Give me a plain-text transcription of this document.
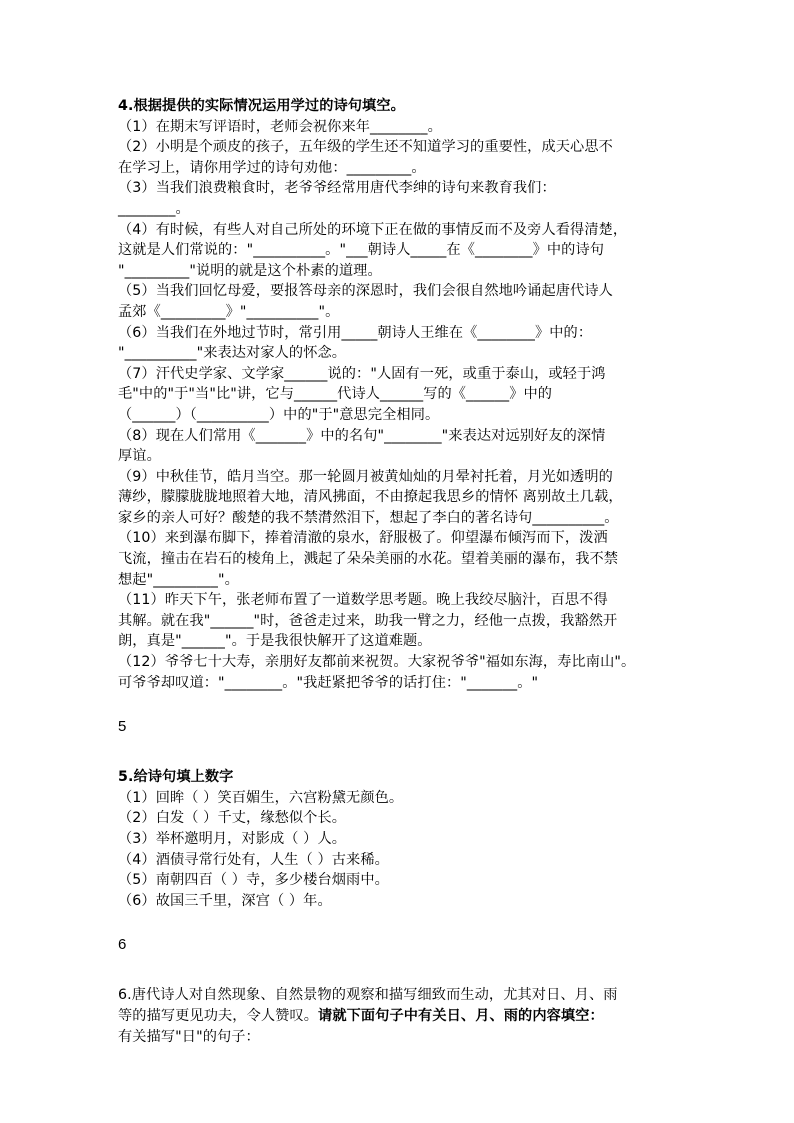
4.根据提供的实际情况运用学过的诗句填空。
（1）在期末写评语时，老师会祝你来年________。
（2）小明是个顽皮的孩子，五年级的学生还不知道学习的重要性，成天心思不
在学习上，请你用学过的诗句劝他：_________。
（3）当我们浪费粮食时，老爷爷经常用唐代李绅的诗句来教育我们：
________。
（4）有时候，有些人对自己所处的环境下正在做的事情反而不及旁人看得清楚，
这就是人们常说的："__________。"___朝诗人_____在《________》中的诗句
"_________"说明的就是这个朴素的道理。
（5）当我们回忆母爱，要报答母亲的深恩时，我们会很自然地吟诵起唐代诗人
孟郊《_________》"__________"。
（6）当我们在外地过节时，常引用_____朝诗人王维在《________》中的：
"__________"来表达对家人的怀念。
（7）汗代史学家、文学家______说的："人固有一死，或重于泰山，或轻于鸿
毛"中的"于"当"比"讲，它与______代诗人______写的《______》中的
（______）（__________）中的"于"意思完全相同。
（8）现在人们常用《_______》中的名句"________"来表达对远别好友的深情
厚谊。
（9）中秋佳节，皓月当空。那一轮圆月被黄灿灿的月晕衬托着，月光如透明的
薄纱，朦朦胧胧地照着大地，清风拂面，不由撩起我思乡的情怀 离别故土几载，
家乡的亲人可好？酸楚的我不禁潸然泪下，想起了李白的著名诗句__________。
（10）来到瀑布脚下，捧着清澈的泉水，舒服极了。仰望瀑布倾泻而下，泼洒
飞流，撞击在岩石的棱角上，溅起了朵朵美丽的水花。望着美丽的瀑布，我不禁
想起"_________"。
（11）昨天下午，张老师布置了一道数学思考题。晚上我绞尽脑汁，百思不得
其解。就在我"______"时，爸爸走过来，助我一臂之力，经他一点拨，我豁然开
朗，真是"______"。于是我很快解开了这道难题。
（12）爷爷七十大寿，亲朋好友都前来祝贺。大家祝爷爷"福如东海，寿比南山"。
可爷爷却叹道："________。"我赶紧把爷爷的话打住："_______。"
5
5.给诗句填上数字
（1）回眸（ ）笑百媚生，六宫粉黛无颜色。
（2）白发（ ）千丈，缘愁似个长。
（3）举杯邀明月，对影成（ ）人。
（4）酒债寻常行处有，人生（ ）古来稀。
（5）南朝四百（ ）寺，多少楼台烟雨中。
（6）故国三千里，深宫（ ）年。
6
6.唐代诗人对自然现象、自然景物的观察和描写细致而生动，尤其对日、月、雨
等的描写更见功夫，令人赞叹。请就下面句子中有关日、月、雨的内容填空：
有关描写"日"的句子：
